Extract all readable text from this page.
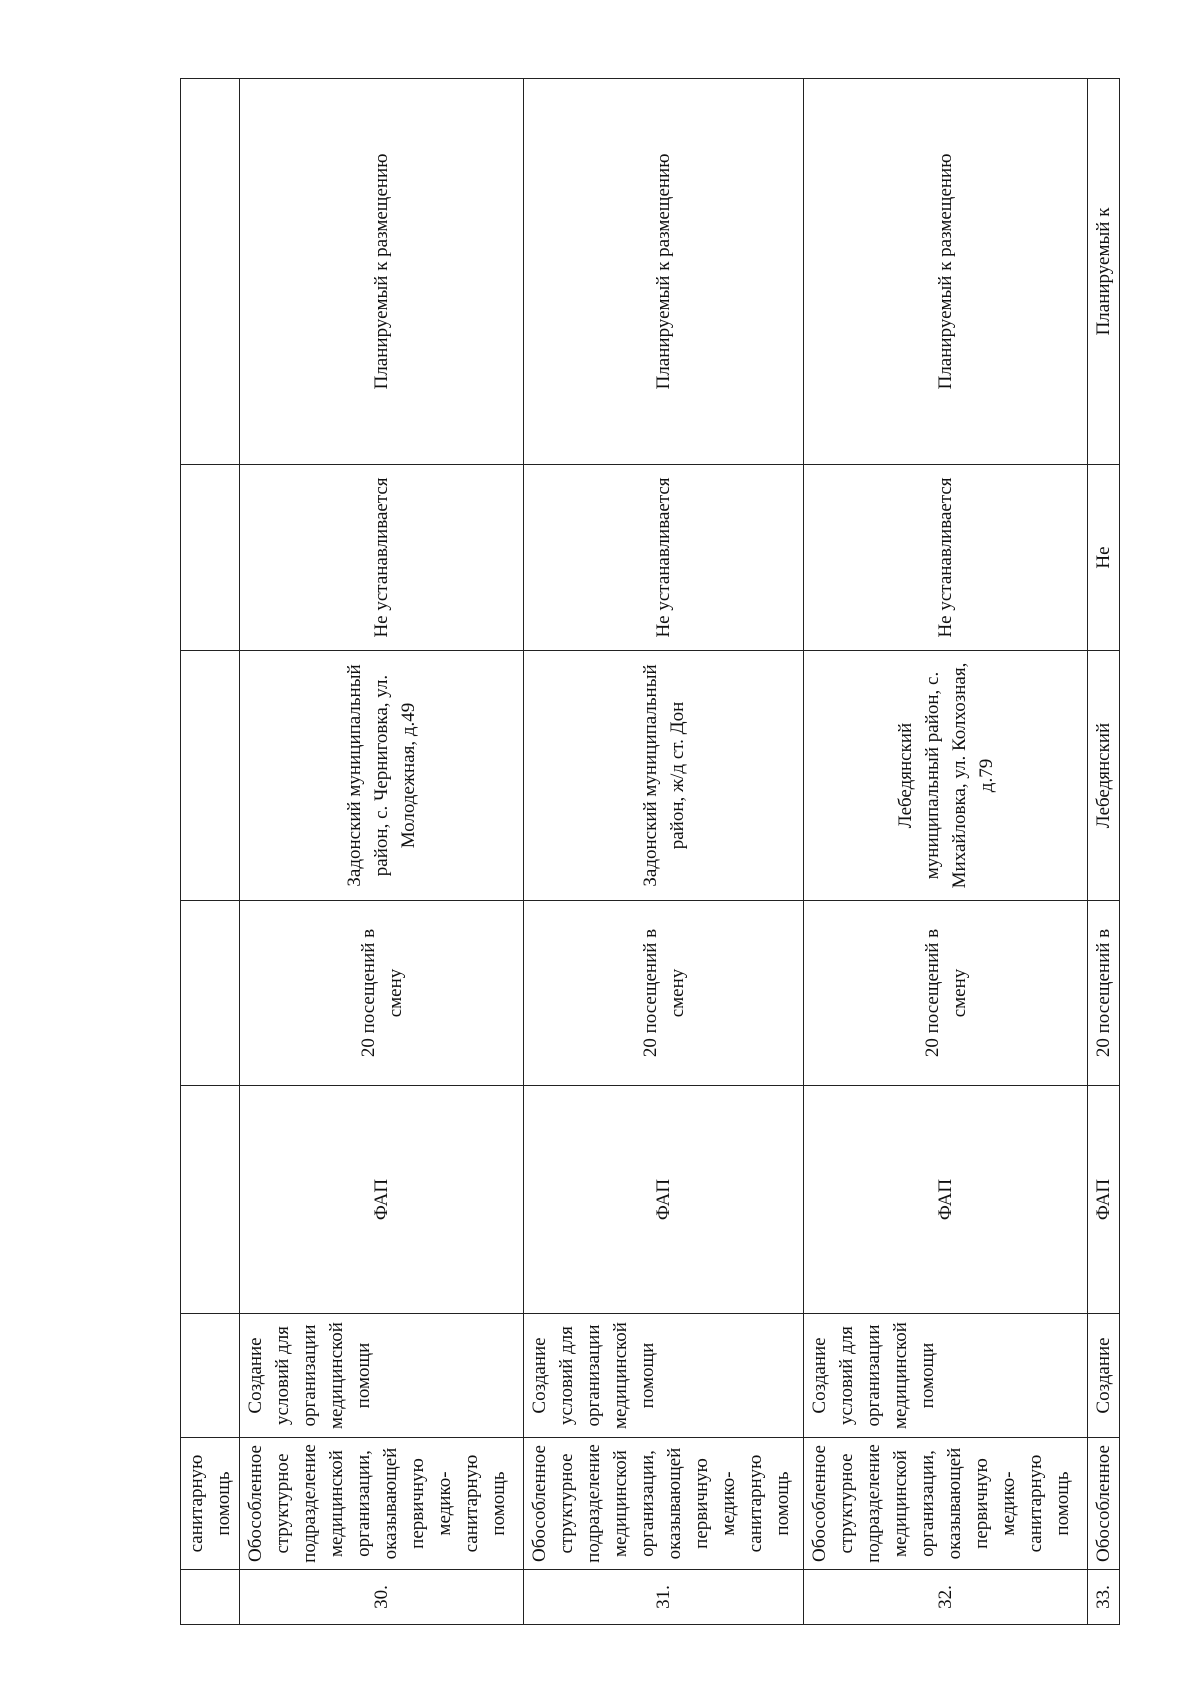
	санитарную помощь						
30.	Обособленное структурное подразделение медицинской организации, оказывающей первичную медико-санитарную помощь	Создание условий для организации медицинской помощи	ФАП	20 посещений в смену	Задонский муниципальный район, с. Черниговка, ул. Молодежная, д.49	Не устанавливается	Планируемый к размещению
31.	Обособленное структурное подразделение медицинской организации, оказывающей первичную медико-санитарную помощь	Создание условий для организации медицинской помощи	ФАП	20 посещений в смену	Задонский муниципальный район, ж/д ст. Дон	Не устанавливается	Планируемый к размещению
32.	Обособленное структурное подразделение медицинской организации, оказывающей первичную медико-санитарную помощь	Создание условий для организации медицинской помощи	ФАП	20 посещений в смену	Лебедянский муниципальный район, с. Михайловка, ул. Колхозная, д.79	Не устанавливается	Планируемый к размещению
33.	Обособленное	Создание	ФАП	20 посещений в	Лебедянский	Не	Планируемый к
